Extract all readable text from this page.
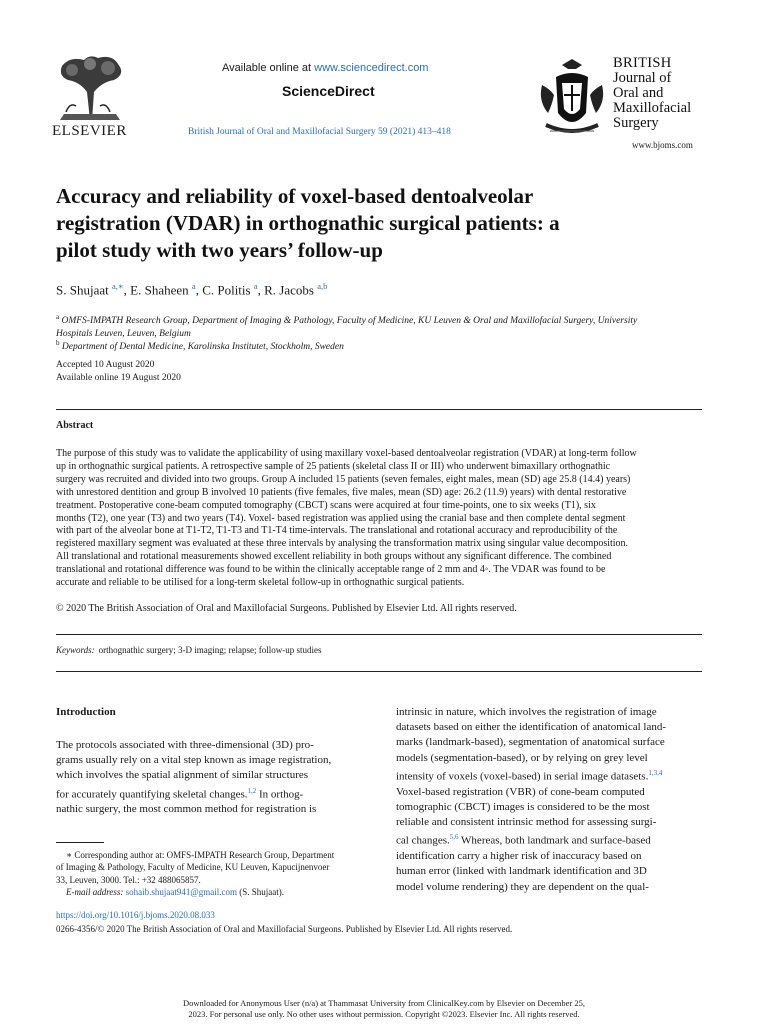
ELSEVIER
Available online at www.sciencedirect.com
ScienceDirect
British Journal of Oral and Maxillofacial Surgery 59 (2021) 413–418
BRITISH
Journal of
Oral and
Maxillofacial
Surgery
www.bjoms.com
Accuracy and reliability of voxel-based dentoalveolar
registration (VDAR) in orthognathic surgical patients: a
pilot study with two years’ follow-up
S. Shujaat $^{a,∗}$, E. Shaheen $^a$, C. Politis $^a$, R. Jacobs $^{a,b}$
$^a$ OMFS-IMPATH Research Group, Department of Imaging & Pathology, Faculty of Medicine, KU Leuven & Oral and Maxillofacial Surgery, University
Hospitals Leuven, Leuven, Belgium
$^b$ Department of Dental Medicine, Karolinska Institutet, Stockholm, Sweden
Accepted 10 August 2020
Available online 19 August 2020
Abstract
The purpose of this study was to validate the applicability of using maxillary voxel-based dentoalveolar registration (VDAR) at long-term follow
up in orthognathic surgical patients. A retrospective sample of 25 patients (skeletal class II or III) who underwent bimaxillary orthognathic
surgery was recruited and divided into two groups. Group A included 15 patients (seven females, eight males, mean (SD) age 25.8 (14.4) years)
with unrestored dentition and group B involved 10 patients (five females, five males, mean (SD) age: 26.2 (11.9) years) with dental restorative
treatment. Postoperative cone-beam computed tomography (CBCT) scans were acquired at four time-points, one to six weeks (T1), six
months (T2), one year (T3) and two years (T4). Voxel- based registration was applied using the cranial base and then complete dental segment
with part of the alveolar bone at T1-T2, T1-T3 and T1-T4 time-intervals. The translational and rotational accuracy and reproducibility of the
registered maxillary segment was evaluated at these three intervals by analysing the transformation matrix using singular value decomposition.
All translational and rotational measurements showed excellent reliability in both groups without any significant difference. The combined
translational and rotational difference was found to be within the clinically acceptable range of 2 mm and 4◦. The VDAR was found to be
accurate and reliable to be utilised for a long-term skeletal follow-up in orthognathic surgical patients.
© 2020 The British Association of Oral and Maxillofacial Surgeons. Published by Elsevier Ltd. All rights reserved.
Keywords: orthognathic surgery; 3-D imaging; relapse; follow-up studies
Introduction
The protocols associated with three-dimensional (3D) pro-
grams usually rely on a vital step known as image registration,
which involves the spatial alignment of similar structures
for accurately quantifying skeletal changes.$^{1,2}$ In orthog-
nathic surgery, the most common method for registration is
intrinsic in nature, which involves the registration of image
datasets based on either the identification of anatomical land-
marks (landmark-based), segmentation of anatomical surface
models (segmentation-based), or by relying on grey level
intensity of voxels (voxel-based) in serial image datasets.$^{1,3,4}$
Voxel-based registration (VBR) of cone-beam computed
tomographic (CBCT) images is considered to be the most
reliable and consistent intrinsic method for assessing surgi-
cal changes.$^{5,6}$ Whereas, both landmark and surface-based
identification carry a higher risk of inaccuracy based on
human error (linked with landmark identification and 3D
model volume rendering) they are dependent on the qual-
∗ Corresponding author at: OMFS-IMPATH Research Group, Department
of Imaging & Pathology, Faculty of Medicine, KU Leuven, Kapucijnenvoer
33, Leuven, 3000. Tel.: +32 488065857.
E-mail address: sohaib.shujaat941@gmail.com (S. Shujaat).
https://doi.org/10.1016/j.bjoms.2020.08.033
0266-4356/© 2020 The British Association of Oral and Maxillofacial Surgeons. Published by Elsevier Ltd. All rights reserved.
Downloaded for Anonymous User (n/a) at Thammasat University from ClinicalKey.com by Elsevier on December 25,
2023. For personal use only. No other uses without permission. Copyright ©2023. Elsevier Inc. All rights reserved.
